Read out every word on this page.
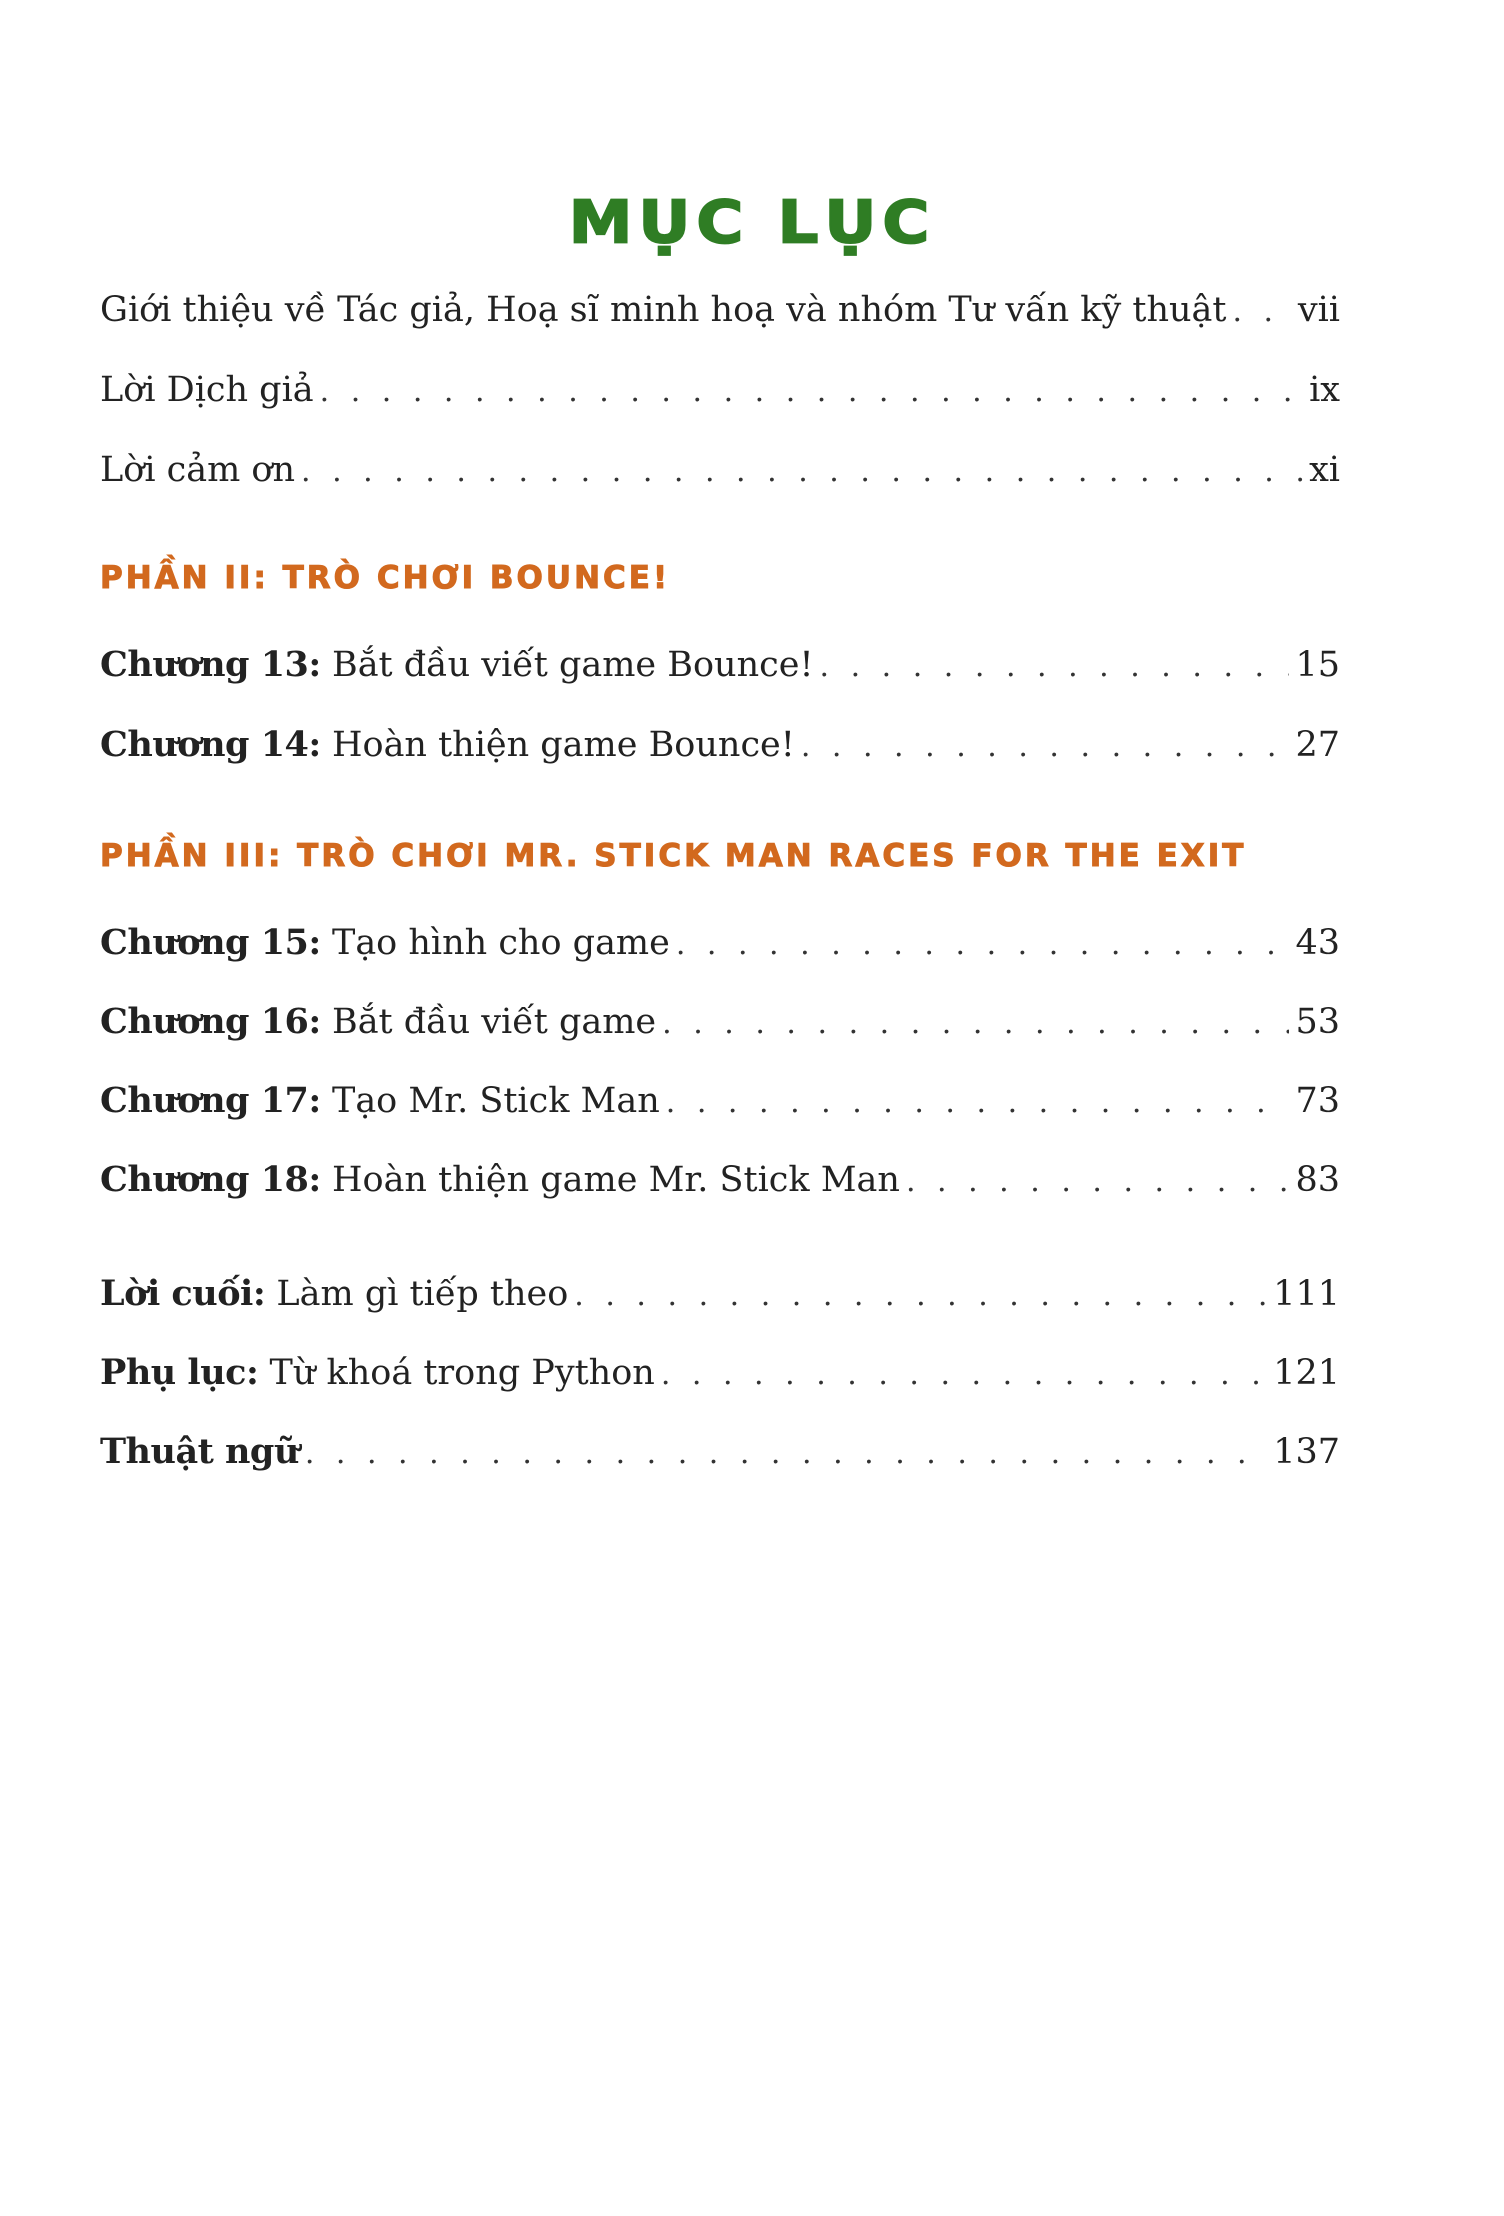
MỤC LỤC
Giới thiệu về Tác giả, Hoạ sĩ minh hoạ và nhóm Tư vấn kỹ thuật . . . vii
Lời Dịch giả . . .	ix
Lời cảm ơn . . .	xi
PHẦN II: TRÒ CHƠI BOUNCE!
Chương 13: Bắt đầu viết game Bounce! . . .	15
Chương 14: Hoàn thiện game Bounce! . . .	27
PHẦN III: TRÒ CHƠI MR. STICK MAN RACES FOR THE EXIT
Chương 15: Tạo hình cho game . . .	43
Chương 16: Bắt đầu viết game . . .	53
Chương 17: Tạo Mr. Stick Man . . .	73
Chương 18: Hoàn thiện game Mr. Stick Man . . .	83
Lời cuối: Làm gì tiếp theo . . .	111
Phụ lục: Từ khoá trong Python . . .	121
Thuật ngữ . . .	137
